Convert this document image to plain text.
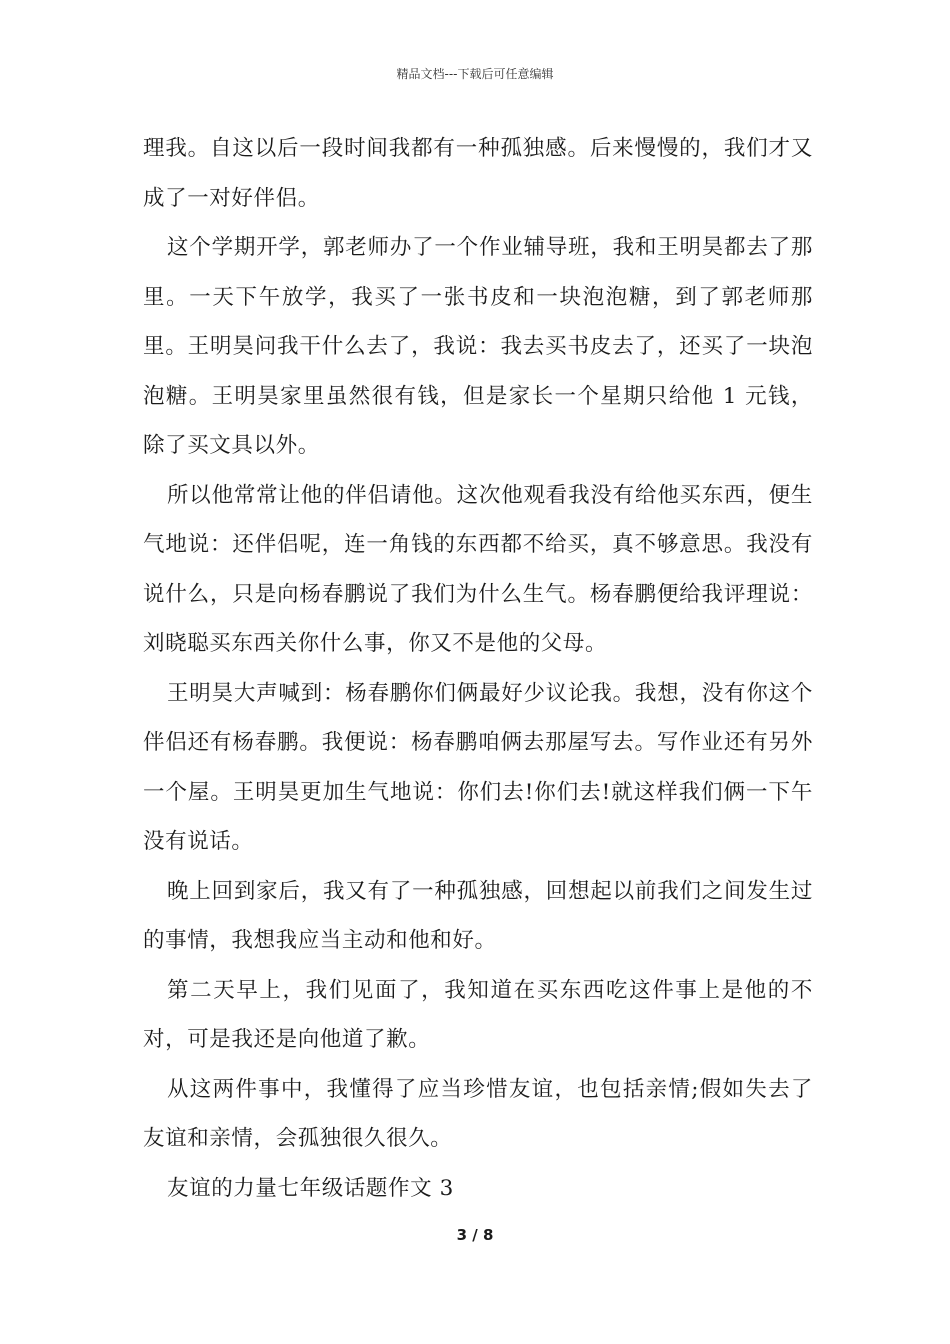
精品文档---下载后可任意编辑

理我。自这以后一段时间我都有一种孤独感。后来慢慢的，我们才又成了一对好伴侣。

这个学期开学，郭老师办了一个作业辅导班，我和王明昊都去了那里。一天下午放学，我买了一张书皮和一块泡泡糖，到了郭老师那里。王明昊问我干什么去了，我说：我去买书皮去了，还买了一块泡泡糖。王明昊家里虽然很有钱，但是家长一个星期只给他 1 元钱，除了买文具以外。

所以他常常让他的伴侣请他。这次他观看我没有给他买东西，便生气地说：还伴侣呢，连一角钱的东西都不给买，真不够意思。我没有说什么，只是向杨春鹏说了我们为什么生气。杨春鹏便给我评理说：刘晓聪买东西关你什么事，你又不是他的父母。

王明昊大声喊到：杨春鹏你们俩最好少议论我。我想，没有你这个伴侣还有杨春鹏。我便说：杨春鹏咱俩去那屋写去。写作业还有另外一个屋。王明昊更加生气地说：你们去!你们去!就这样我们俩一下午没有说话。

晚上回到家后，我又有了一种孤独感，回想起以前我们之间发生过的事情，我想我应当主动和他和好。

第二天早上，我们见面了，我知道在买东西吃这件事上是他的不对，可是我还是向他道了歉。

从这两件事中，我懂得了应当珍惜友谊，也包括亲情;假如失去了友谊和亲情，会孤独很久很久。

友谊的力量七年级话题作文 3

3 / 8
